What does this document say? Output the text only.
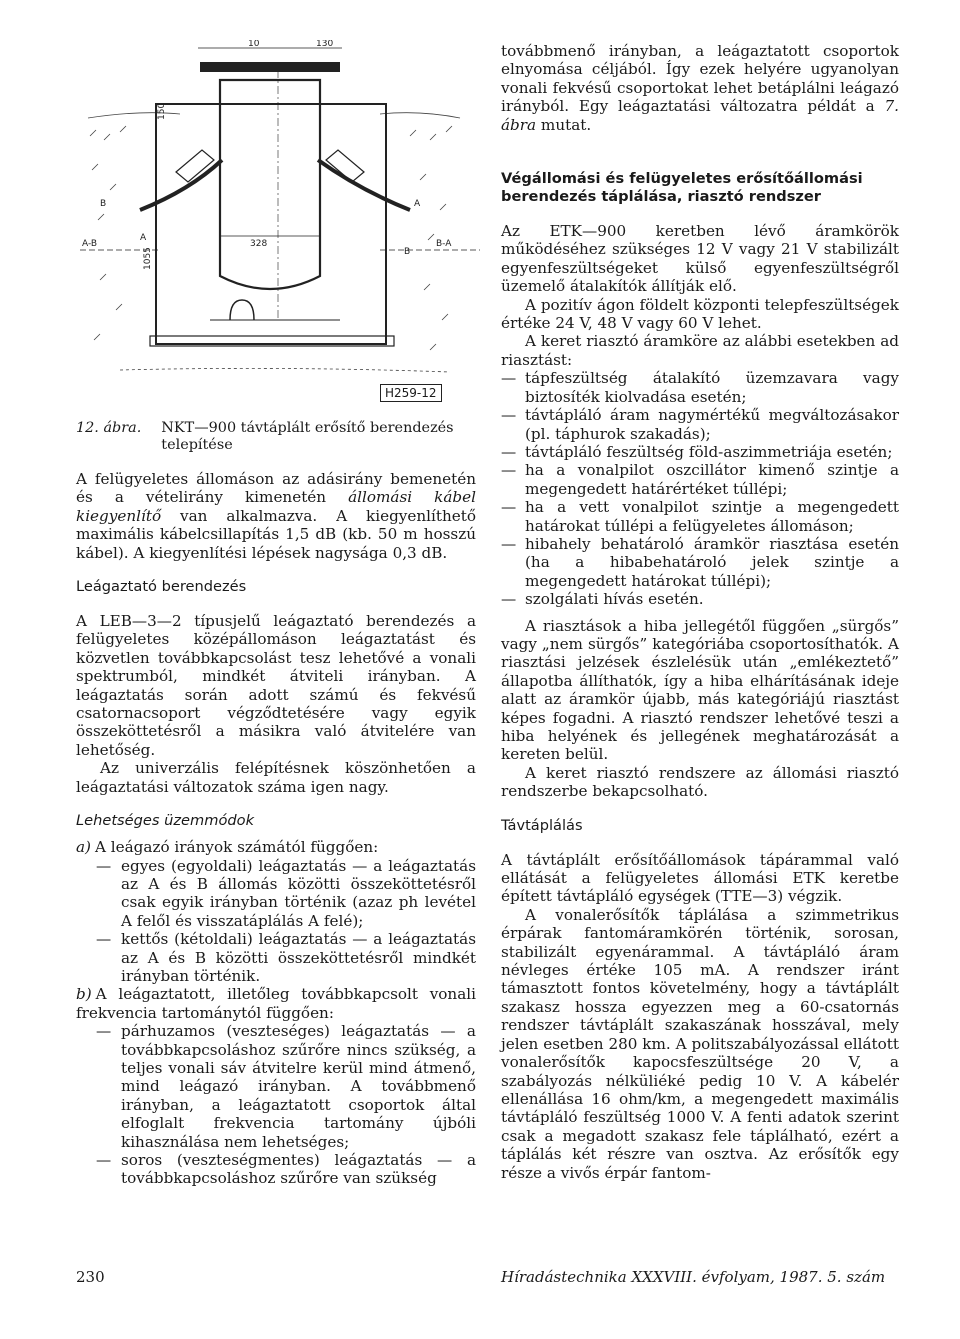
B	A
A-B	B-A
B
A
1055
150
130
10
328
H259-12
12. ábra. NKT—900 távtáplált erősítő berendezés telepítése

A felügyeletes állomáson az adásirány bemenetén és a vételirány kimenetén állomási kábel kiegyenlítő van alkalmazva. A kiegyenlíthető maximális kábelcsillapítás 1,5 dB (kb. 50 m hosszú kábel). A kiegyenlítési lépések nagysága 0,3 dB.

Leágaztató berendezés

A LEB—3—2 típusjelű leágaztató berendezés a felügyeletes középállomáson leágaztatást és közvetlen továbbkapcsolást tesz lehetővé a vonali spektrumból, mindkét átviteli irányban. A leágaztatás során adott számú és fekvésű csatornacsoport végződtetésére vagy egyik összeköttetésről a másikra való átvitelére van lehetőség.

Az univerzális felépítésnek köszönhetően a leágaztatási változatok száma igen nagy.

Lehetséges üzemmódok

a) A leágazó irányok számától függően:

— egyes (egyoldali) leágaztatás — a leágaztatás az A és B állomás közötti összeköttetésről csak egyik irányban történik (azaz ph levétel A felől és visszatáplálás A felé);
— kettős (kétoldali) leágaztatás — a leágaztatás az A és B közötti összeköttetésről mindkét irányban történik.

b) A leágaztatott, illetőleg továbbkapcsolt vonali frekvencia tartománytól függően:

— párhuzamos (veszteséges) leágaztatás — a továbbkapcsoláshoz szűrőre nincs szükség, a teljes vonali sáv átvitelre kerül mind átmenő, mind leágazó irányban. A továbbmenő irányban, a leágaztatott csoportok által elfoglalt frekvencia tartomány újbóli kihasználása nem lehetséges;
— soros (veszteségmentes) leágaztatás — a továbbkapcsoláshoz szűrőre van szükség

továbbmenő irányban, a leágaztatott csoportok elnyomása céljából. Így ezek helyére ugyanolyan vonali fekvésű csoportokat lehet betáplálni leágazó irányból. Egy leágaztatási változatra példát a 7. ábra mutat.

Végállomási és felügyeletes erősítőállomási berendezés táplálása, riasztó rendszer

Az ETK—900 keretben lévő áramkörök működéséhez szükséges 12 V vagy 21 V stabilizált egyenfeszültségeket külső egyenfeszültségről üzemelő átalakítók állítják elő.

A pozitív ágon földelt központi telepfeszültségek értéke 24 V, 48 V vagy 60 V lehet.

A keret riasztó áramköre az alábbi esetekben ad riasztást:

— tápfeszültség átalakító üzemzavara vagy biztosíték kiolvadása esetén;
— távtápláló áram nagymértékű megváltozásakor (pl. táphurok szakadás);
— távtápláló feszültség föld-aszimmetriája esetén;
— ha a vonalpilot oszcillátor kimenő szintje a megengedett határértéket túllépi;
— ha a vett vonalpilot szintje a megengedett határokat túllépi a felügyeletes állomáson;
— hibahely behatároló áramkör riasztása esetén (ha a hibabehatároló jelek szintje a megengedett határokat túllépi);
— szolgálati hívás esetén.

A riasztások a hiba jellegétől függően „sürgős” vagy „nem sürgős” kategóriába csoportosíthatók. A riasztási jelzések észlelésük után „emlékeztető” állapotba állíthatók, így a hiba elhárításának ideje alatt az áramkör újabb, más kategóriájú riasztást képes fogadni. A riasztó rendszer lehetővé teszi a hiba helyének és jellegének meghatározását a kereten belül.

A keret riasztó rendszere az állomási riasztó rendszerbe bekapcsolható.

Távtáplálás

A távtáplált erősítőállomások tápárammal való ellátását a felügyeletes állomási ETK keretbe épített távtápláló egységek (TTE—3) végzik.

A vonalerősítők táplálása a szimmetrikus érpárak fantomáramkörén történik, sorosan, stabilizált egyenárammal. A távtápláló áram névleges értéke 105 mA. A rendszer iránt támasztott fontos követelmény, hogy a távtáplált szakasz hossza egyezzen meg a 60-csatornás rendszer távtáplált szakaszának hosszával, mely jelen esetben 280 km. A politszabályozással ellátott vonalerősítők kapocsfeszültsége 20 V, a szabályozás nélküliéké pedig 10 V. A kábelér ellenállása 16 ohm/km, a megengedett maximális távtápláló feszültség 1000 V. A fenti adatok szerint csak a megadott szakasz fele táplálható, ezért a táplálás két részre van osztva. Az erősítők egy része a vivős érpár fantom-

230	Híradástechnika XXXVIII. évfolyam, 1987. 5. szám
